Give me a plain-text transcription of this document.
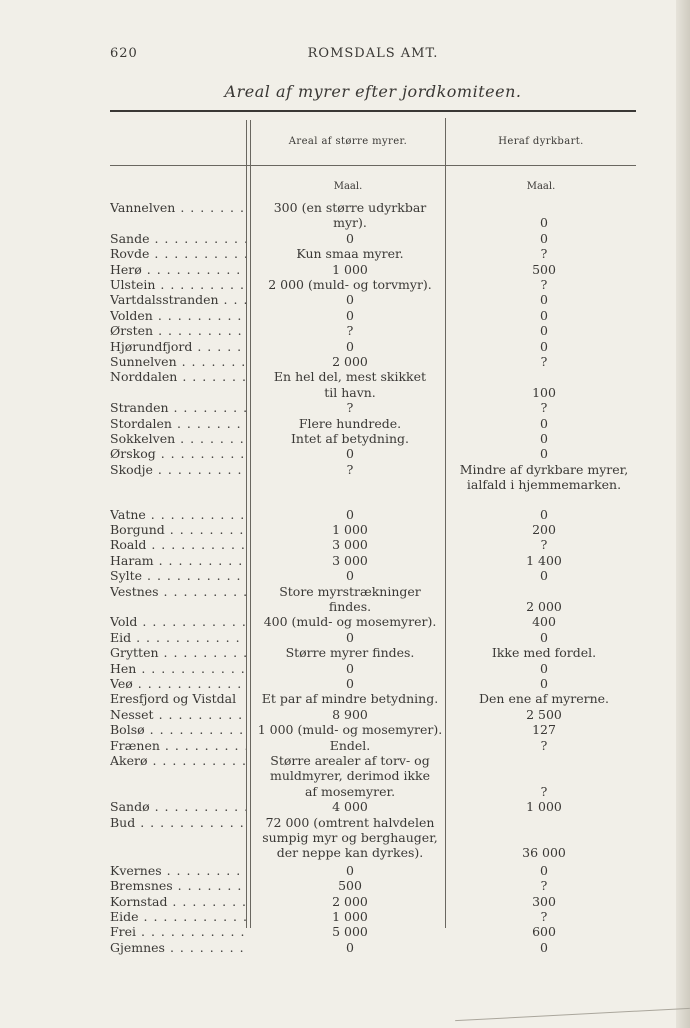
620	ROMSDALS AMT.
Areal af myrer efter jordkomiteen.
Areal af større myrer.	Heraf dyrkbart.
Maal.	Maal.
Vannelven . . .	300 (en større udyrkbar
myr).	0
Sande . . .	0	0
Rovde . . .	Kun smaa myrer.	?
Herø . . .	1 000	500
Ulstein . . .	2 000 (muld- og torvmyr).	?
Vartdalsstranden . . .	0	0
Volden . . .	0	0
Ørsten . . .	?	0
Hjørundfjord . . .	0	0
Sunnelven . . .	2 000	?
Norddalen . . .	En hel del, mest skikket
til havn.	100
Stranden . . .	?	?
Stordalen . . .	Flere hundrede.	0
Sokkelven . . .	Intet af betydning.	0
Ørskog . . .	0	0
Skodje . . .	?	Mindre af dyrkbare myrer,
ialfald i hjemmemarken.
Vatne . . .	0	0
Borgund . . .	1 000	200
Roald . . .	3 000	?
Haram . . .	3 000	1 400
Sylte . . .	0	0
Vestnes . . .	Store myrstrækninger
findes.	2 000
Vold . . .	400 (muld- og mosemyrer).	400
Eid . . .	0	0
Grytten . . .	Større myrer findes.	Ikke med fordel.
Hen . . .	0	0
Veø . . .	0	0
Eresfjord og Vistdal	Et par af mindre betydning.	Den ene af myrerne.
Nesset . . .	8 900	2 500
Bolsø . . .	1 000 (muld- og mosemyrer).	127
Frænen . . .	Endel.	?
Akerø . . .	Større arealer af torv- og
muldmyrer, derimod ikke
af mosemyrer.	?
Sandø . . .	4 000	1 000
Bud . . .	72 000 (omtrent halvdelen
sumpig myr og berghauger,
der neppe kan dyrkes).	36 000
Kvernes . . .	0	0
Bremsnes . . .	500	?
Kornstad . . .	2 000	300
Eide . . .	1 000	?
Frei . . .	5 000	600
Gjemnes . . .	0	0
